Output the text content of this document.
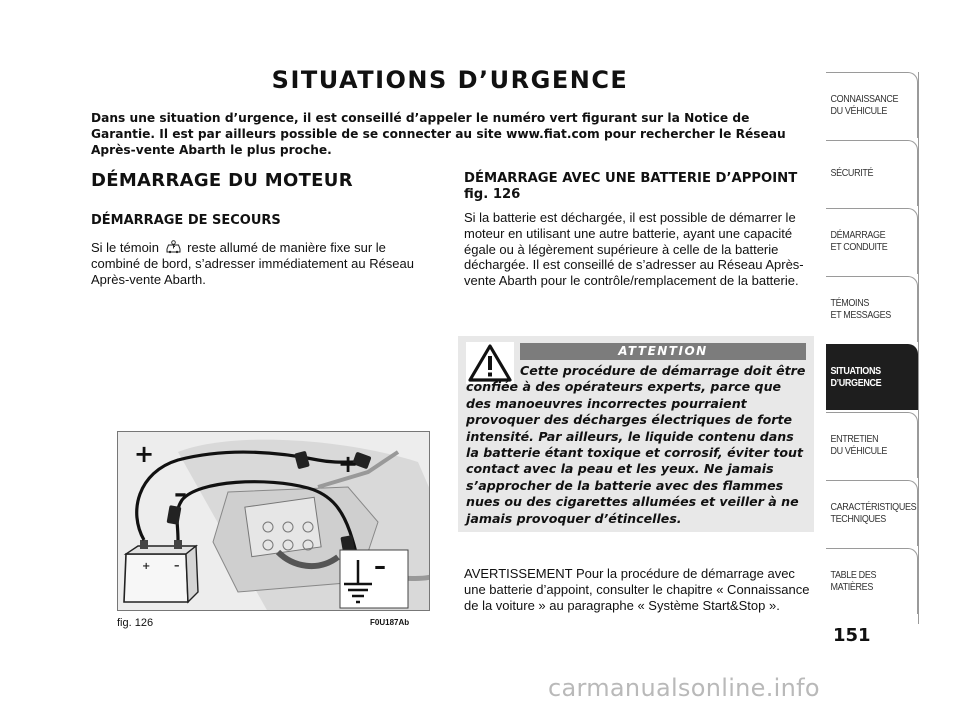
SITUATIONS D’URGENCE
Dans une situation d’urgence, il est conseillé d’appeler le numéro vert figurant sur la Notice de Garantie. Il est par ailleurs possible de se connecter au site www.fiat.com pour rechercher le Réseau Après-vente Abarth le plus proche.
DÉMARRAGE DU MOTEUR
DÉMARRAGE DE SECOURS
Si le témoin reste allumé de manière fixe sur le combiné de bord, s’adresser immédiatement au Réseau Après-vente Abarth.
DÉMARRAGE AVEC UNE BATTERIE D’APPOINT fig. 126
Si la batterie est déchargée, il est possible de démarrer le moteur en utilisant une autre batterie, ayant une capacité égale ou à légèrement supérieure à celle de la batterie déchargée. Il est conseillé de s’adresser au Réseau Après-vente Abarth pour le contrôle/remplacement de la batterie.
ATTENTION
Cette procédure de démarrage doit être confiée à des opérateurs experts, parce que des manoeuvres incorrectes pourraient provoquer des décharges électriques de forte intensité. Par ailleurs, le liquide contenu dans la batterie étant toxique et corrosif, éviter tout contact avec la peau et les yeux. Ne jamais s’approcher de la batterie avec des flammes nues ou des cigarettes allumées et veiller à ne jamais provoquer d’étincelles.
AVERTISSEMENT Pour la procédure de démarrage avec une batterie d’appoint, consulter le chapitre « Connaissance de la voiture » au paragraphe « Système Start&Stop ».
+ –
+
–
+
–
fig. 126	F0U187Ab
151
CONNAISSANCE
DU VÉHICULE
SÉCURITÉ
DÉMARRAGE
ET CONDUITE
TÉMOINS
ET MESSAGES
SITUATIONS
D’URGENCE
ENTRETIEN
DU VÉHICULE
CARACTÉRISTIQUES
TECHNIQUES
TABLE DES
MATIÈRES
carmanualsonline.info
